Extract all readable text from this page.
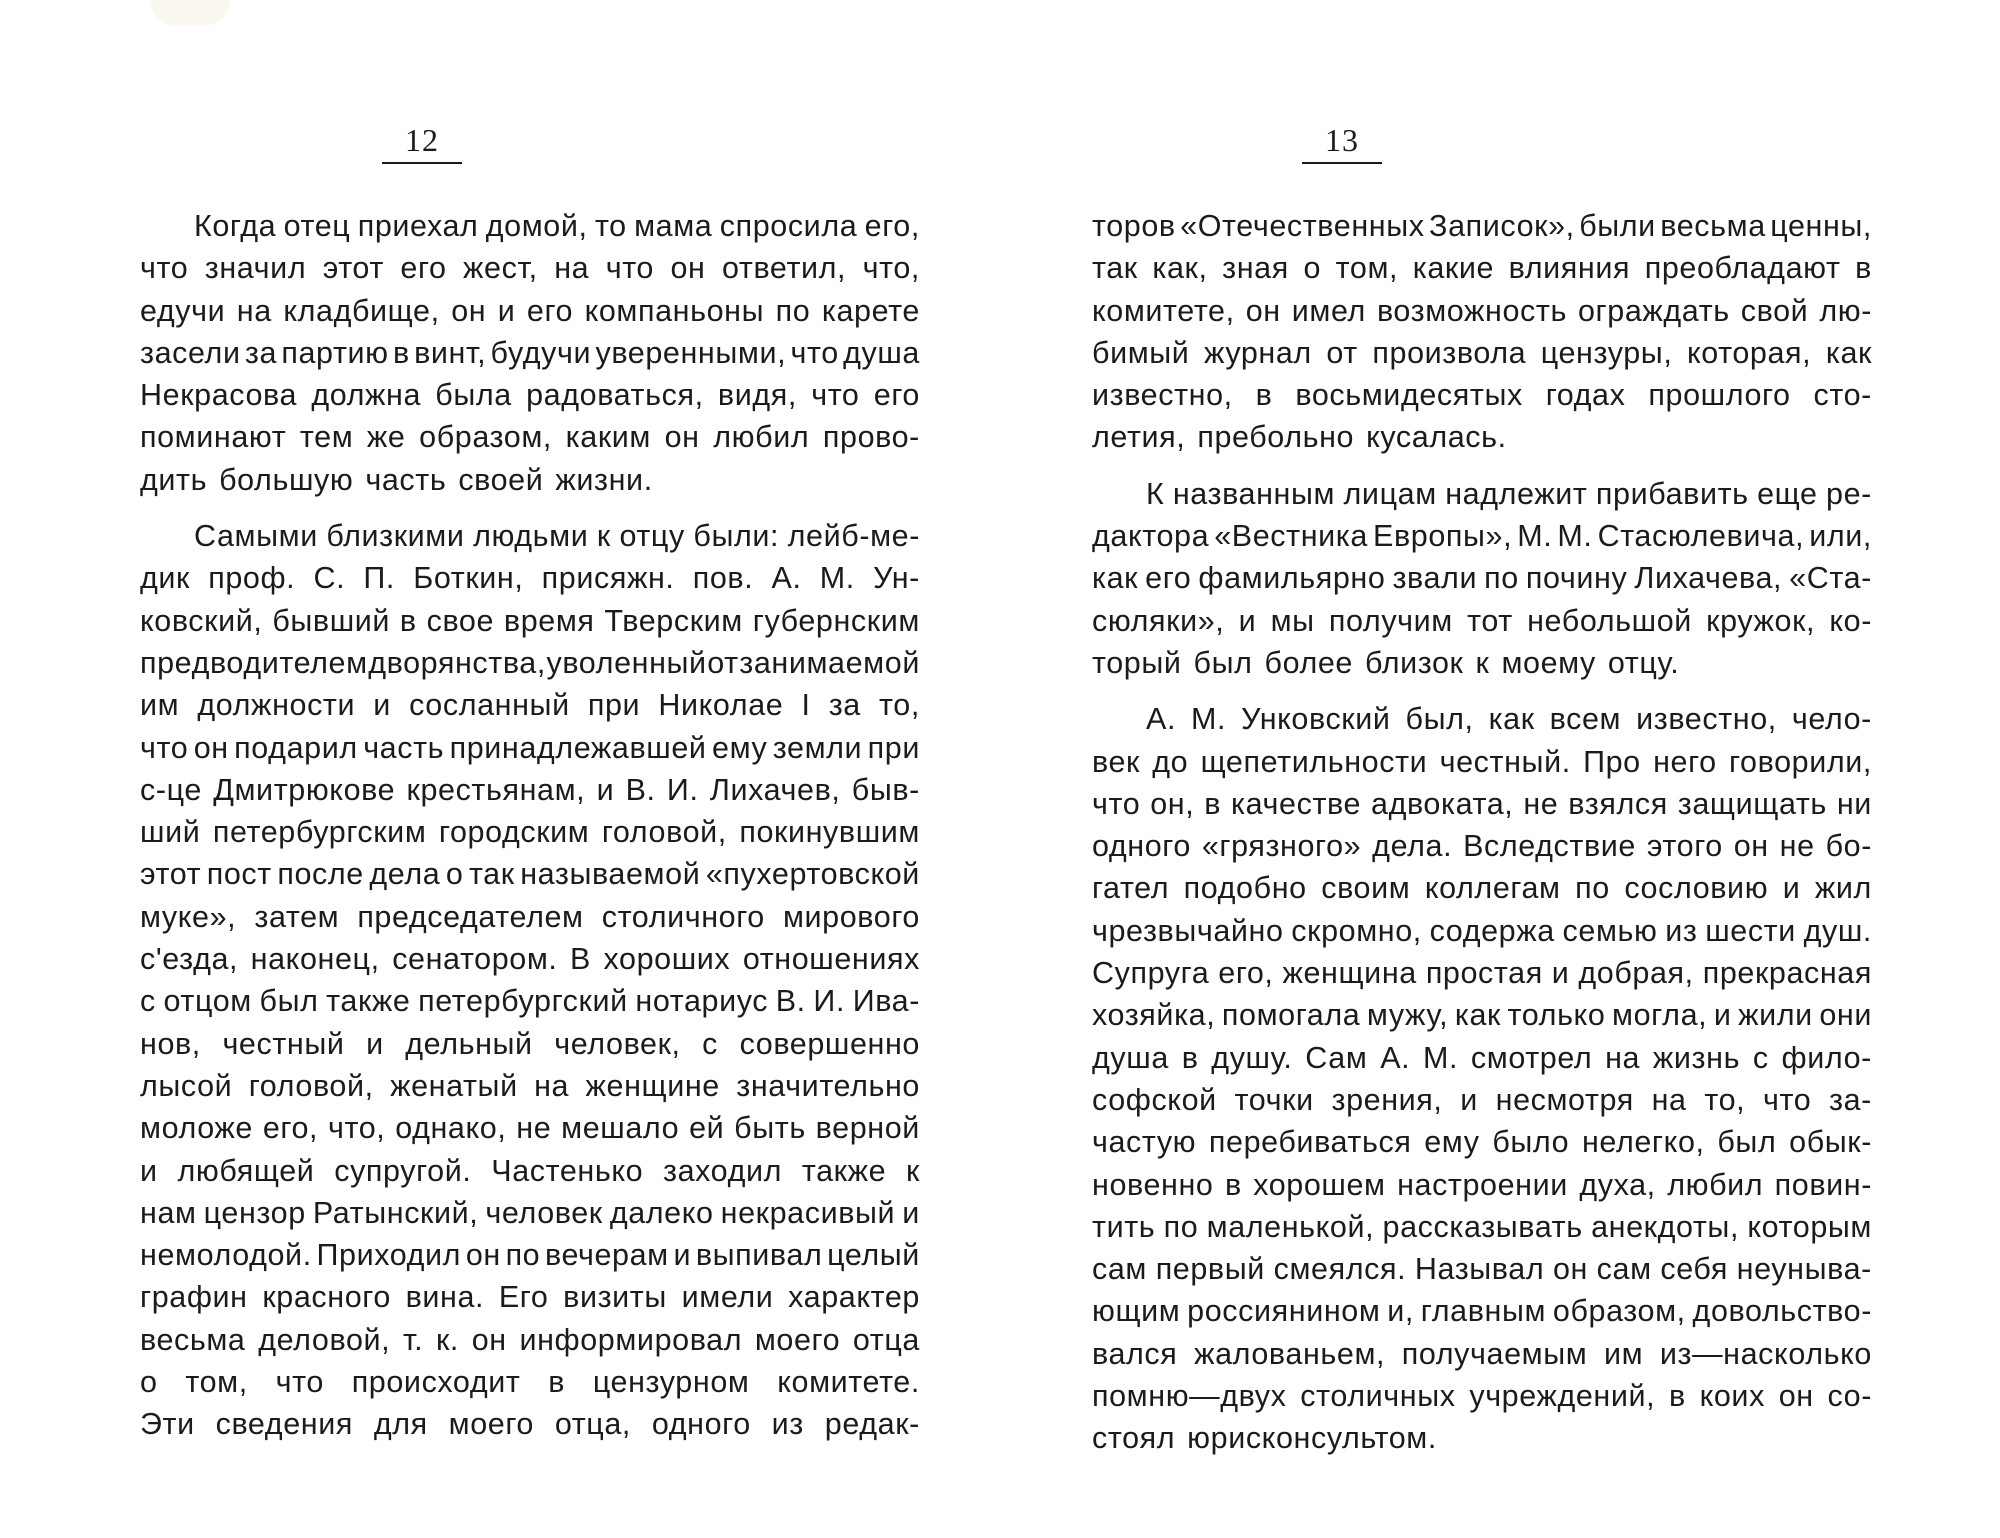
12
Когда отец приехал домой, то мама спросила его,
что значил этот его жест, на что он ответил, что,
едучи на кладбище, он и его компаньоны по карете
засели за партию в винт, будучи уверенными, что душа
Некрасова должна была радоваться, видя, что его
поминают тем же образом, каким он любил прово-
дить большую часть своей жизни.
Самыми близкими людьми к отцу были: лейб-ме-
дик проф. С. П. Боткин, присяжн. пов. А. М. Ун-
ковский, бывший в свое время Тверским губернским
предводителем дворянства, уволенный от занимаемой
им должности и сосланный при Николае I за то,
что он подарил часть принадлежавшей ему земли при
с-це Дмитрюкове крестьянам, и В. И. Лихачев, быв-
ший петербургским городским головой, покинувшим
этот пост после дела о так называемой «пухертовской
муке», затем председателем столичного мирового
с'езда, наконец, сенатором. В хороших отношениях
с отцом был также петербургский нотариус В. И. Ива-
нов, честный и дельный человек, с совершенно
лысой головой, женатый на женщине значительно
моложе его, что, однако, не мешало ей быть верной
и любящей супругой. Частенько заходил также к
нам цензор Ратынский, человек далеко некрасивый и
немолодой. Приходил он по вечерам и выпивал целый
графин красного вина. Его визиты имели характер
весьма деловой, т. к. он информировал моего отца
о том, что происходит в цензурном комитете.
Эти сведения для моего отца, одного из редак-
13
торов «Отечественных Записок», были весьма ценны,
так как, зная о том, какие влияния преобладают в
комитете, он имел возможность ограждать свой лю-
бимый журнал от произвола цензуры, которая, как
известно, в восьмидесятых годах прошлого сто-
летия, пребольно кусалась.
К названным лицам надлежит прибавить еще ре-
дактора «Вестника Европы», М. М. Стасюлевича, или,
как его фамильярно звали по почину Лихачева, «Ста-
сюляки», и мы получим тот небольшой кружок, ко-
торый был более близок к моему отцу.
А. М. Унковский был, как всем известно, чело-
век до щепетильности честный. Про него говорили,
что он, в качестве адвоката, не взялся защищать ни
одного «грязного» дела. Вследствие этого он не бо-
гател подобно своим коллегам по сословию и жил
чрезвычайно скромно, содержа семью из шести душ.
Супруга его, женщина простая и добрая, прекрасная
хозяйка, помогала мужу, как только могла, и жили они
душа в душу. Сам А. М. смотрел на жизнь с фило-
софской точки зрения, и несмотря на то, что за-
частую перебиваться ему было нелегко, был обык-
новенно в хорошем настроении духа, любил повин-
тить по маленькой, рассказывать анекдоты, которым
сам первый смеялся. Называл он сам себя неуныва-
ющим россиянином и, главным образом, довольство-
вался жалованьем, получаемым им из—насколько
помню—двух столичных учреждений, в коих он со-
стоял юрисконсультом.
